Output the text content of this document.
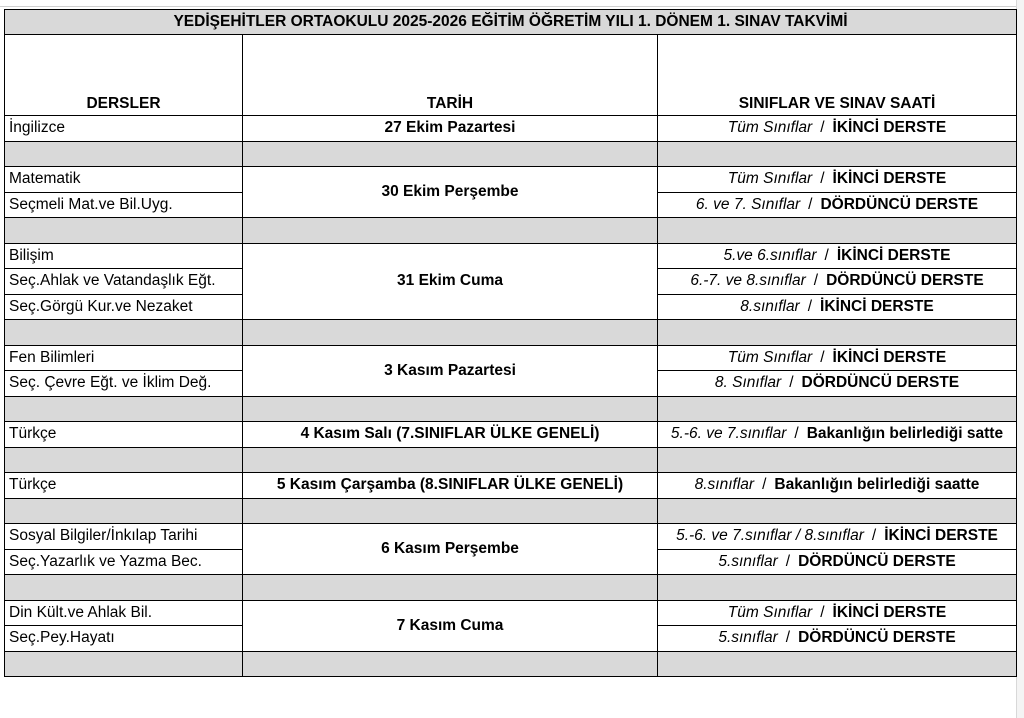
YEDİŞEHİTLER ORTAOKULU 2025-2026 EĞİTİM ÖĞRETİM YILI 1. DÖNEM 1. SINAV TAKVİMİ		
DERSLER	TARİH	SINIFLAR VE SINAV SAATİ
İngilizce	27 Ekim Pazartesi	Tüm Sınıflar / İKİNCİ DERSTE

Matematik	30 Ekim Perşembe	Tüm Sınıflar / İKİNCİ DERSTE
Seçmeli Mat.ve Bil.Uyg.		6. ve 7. Sınıflar / DÖRDÜNCÜ DERSTE

Bilişim	31 Ekim Cuma	5.ve 6.sınıflar / İKİNCİ DERSTE
Seç.Ahlak ve Vatandaşlık Eğt.		6.-7. ve 8.sınıflar / DÖRDÜNCÜ DERSTE
Seç.Görgü Kur.ve Nezaket		8.sınıflar / İKİNCİ DERSTE

Fen Bilimleri	3 Kasım Pazartesi	Tüm Sınıflar / İKİNCİ DERSTE
Seç. Çevre Eğt. ve İklim Değ.		8. Sınıflar / DÖRDÜNCÜ DERSTE

Türkçe	4 Kasım Salı (7.SINIFLAR ÜLKE GENELİ)	5.-6. ve 7.sınıflar / Bakanlığın belirlediği satte

Türkçe	5 Kasım Çarşamba (8.SINIFLAR ÜLKE GENELİ)	8.sınıflar / Bakanlığın belirlediği saatte

Sosyal Bilgiler/İnkılap Tarihi	6 Kasım Perşembe	5.-6. ve 7.sınıflar / 8.sınıflar / İKİNCİ DERSTE
Seç.Yazarlık ve Yazma Bec.		5.sınıflar / DÖRDÜNCÜ DERSTE

Din Kült.ve Ahlak Bil.	7 Kasım Cuma	Tüm Sınıflar / İKİNCİ DERSTE
Seç.Pey.Hayatı		5.sınıflar / DÖRDÜNCÜ DERSTE
